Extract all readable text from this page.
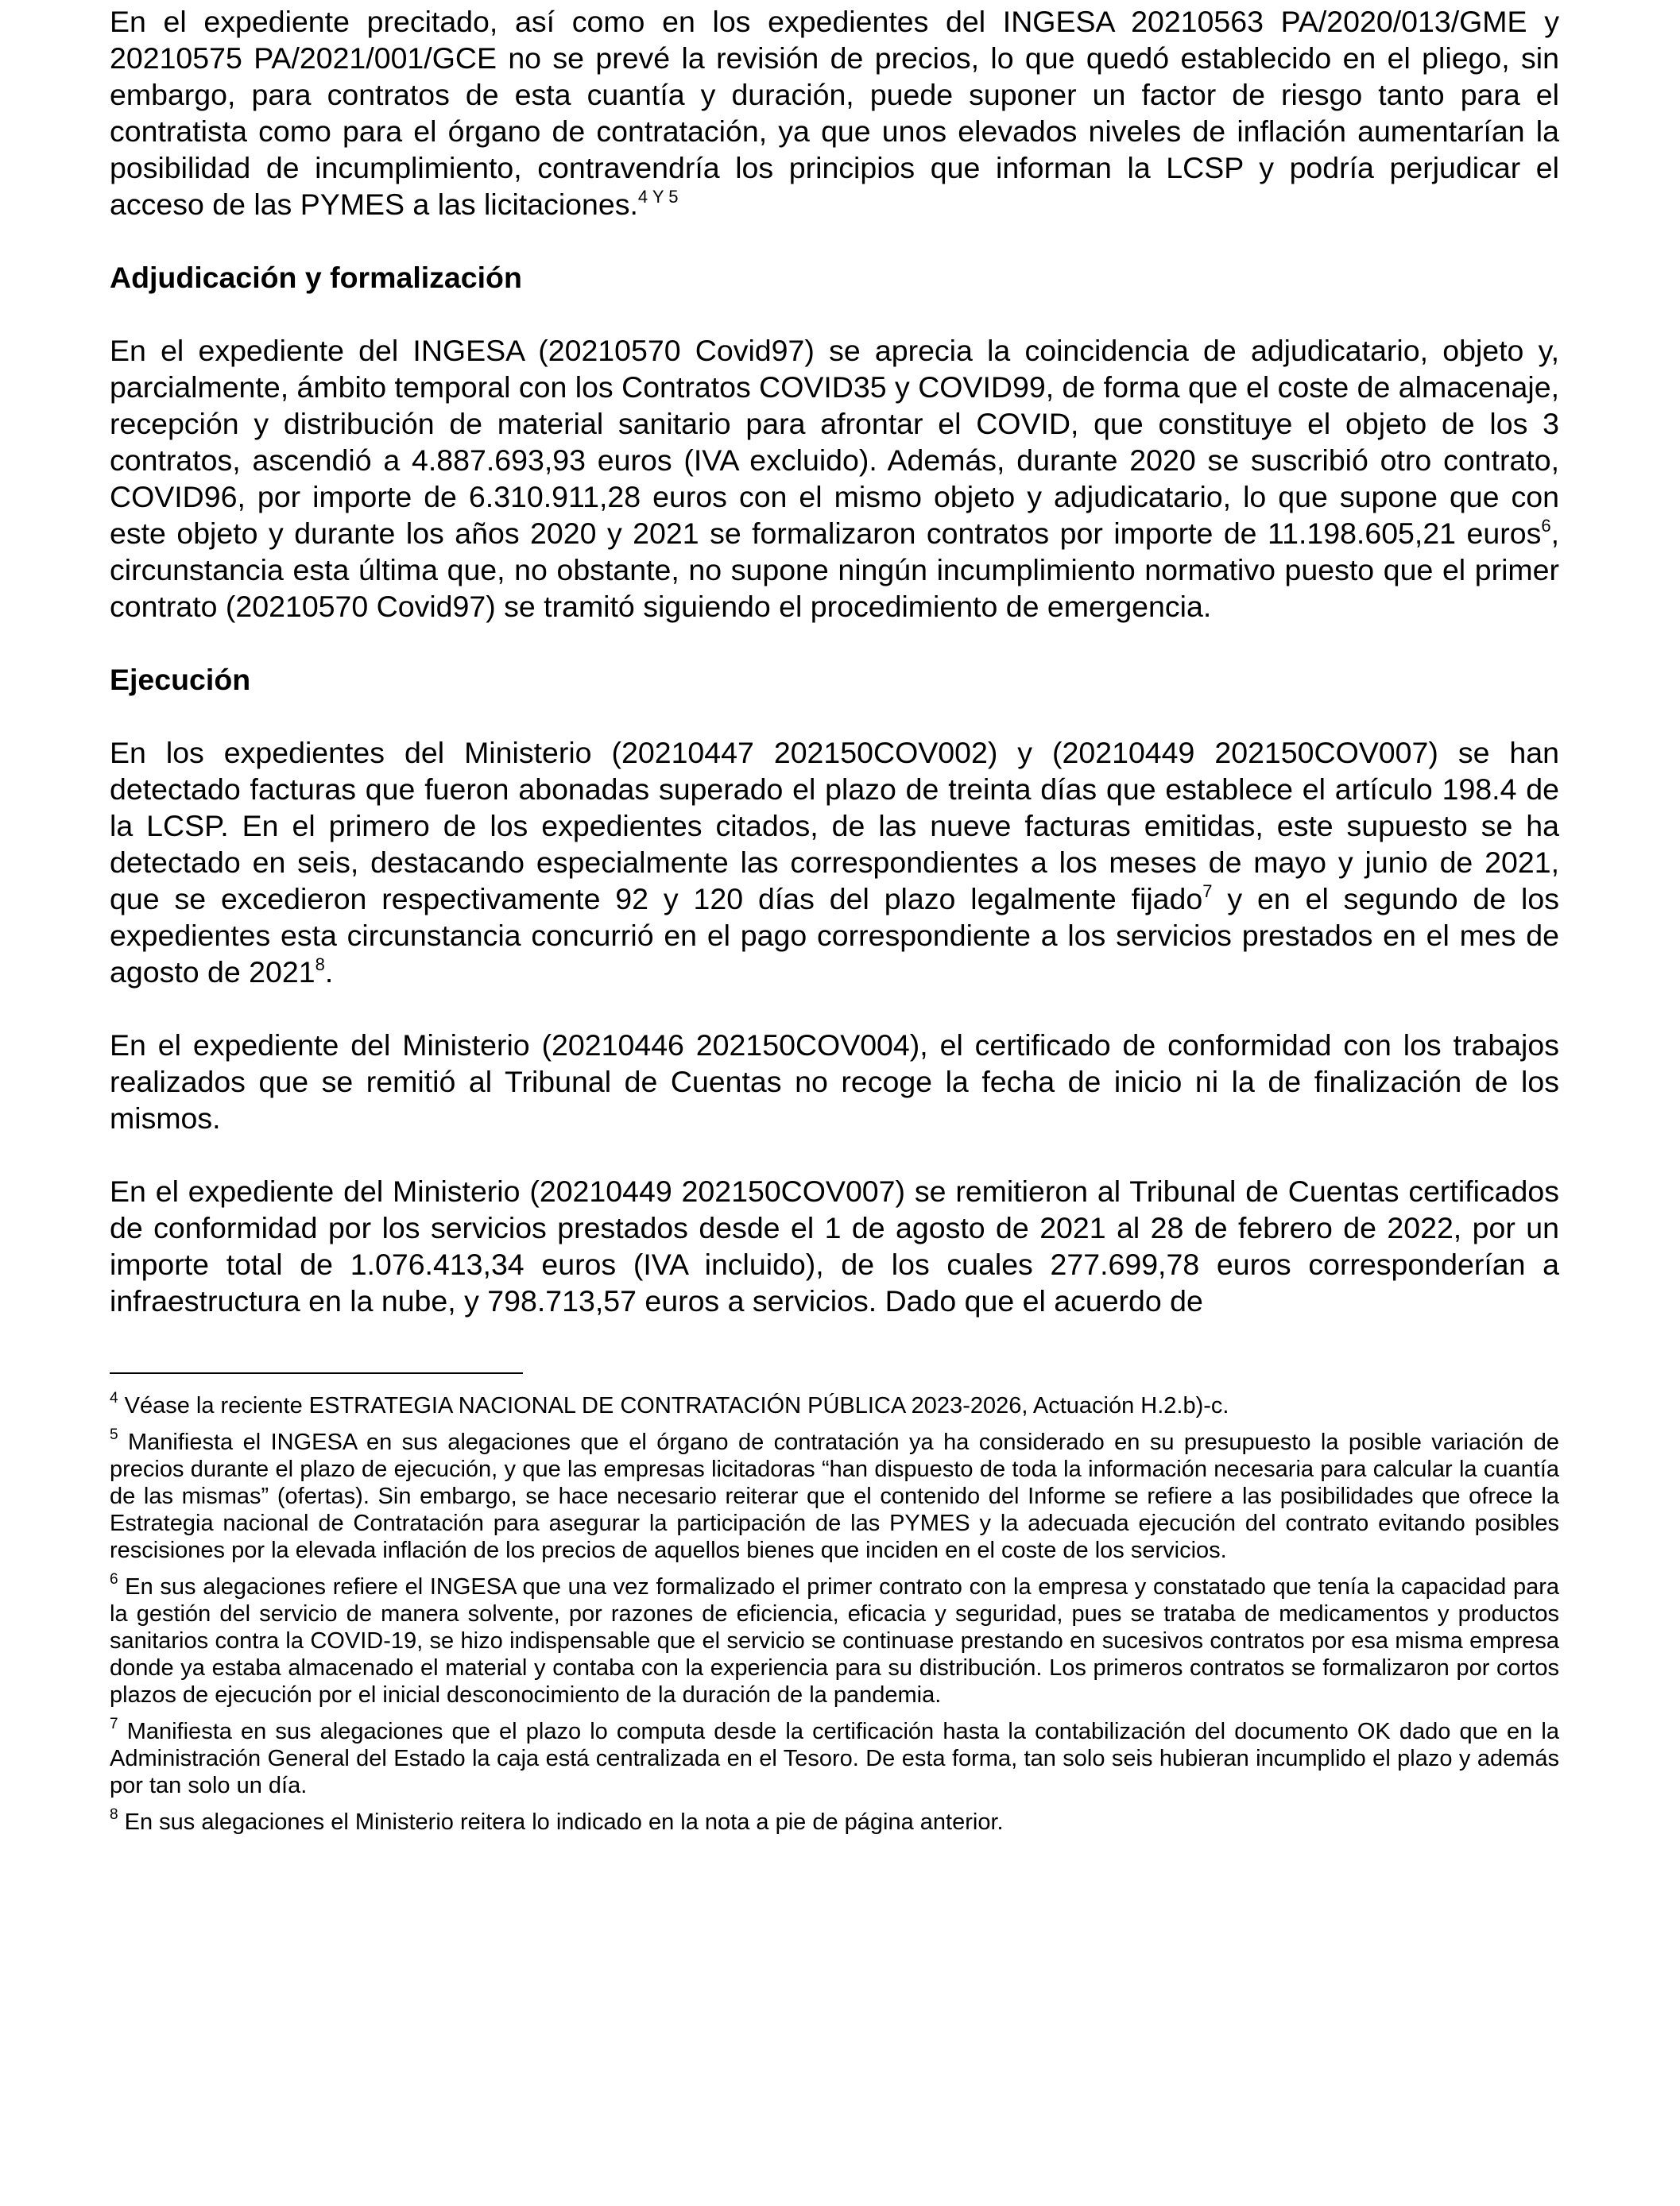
En el expediente precitado, así como en los expedientes del INGESA 20210563 PA/2020/013/GME y 20210575 PA/2021/001/GCE no se prevé la revisión de precios, lo que quedó establecido en el pliego, sin embargo, para contratos de esta cuantía y duración, puede suponer un factor de riesgo tanto para el contratista como para el órgano de contratación, ya que unos elevados niveles de inflación aumentarían la posibilidad de incumplimiento, contravendría los principios que informan la LCSP y podría perjudicar el acceso de las PYMES a las licitaciones.$^{4 Y 5}$

Adjudicación y formalización

En el expediente del INGESA (20210570 Covid97) se aprecia la coincidencia de adjudicatario, objeto y, parcialmente, ámbito temporal con los Contratos COVID35 y COVID99, de forma que el coste de almacenaje, recepción y distribución de material sanitario para afrontar el COVID, que constituye el objeto de los 3 contratos, ascendió a 4.887.693,93 euros (IVA excluido). Además, durante 2020 se suscribió otro contrato, COVID96, por importe de 6.310.911,28 euros con el mismo objeto y adjudicatario, lo que supone que con este objeto y durante los años 2020 y 2021 se formalizaron contratos por importe de 11.198.605,21 euros$^6$, circunstancia esta última que, no obstante, no supone ningún incumplimiento normativo puesto que el primer contrato (20210570 Covid97) se tramitó siguiendo el procedimiento de emergencia.

Ejecución

En los expedientes del Ministerio (20210447 202150COV002) y (20210449 202150COV007) se han detectado facturas que fueron abonadas superado el plazo de treinta días que establece el artículo 198.4 de la LCSP. En el primero de los expedientes citados, de las nueve facturas emitidas, este supuesto se ha detectado en seis, destacando especialmente las correspondientes a los meses de mayo y junio de 2021, que se excedieron respectivamente 92 y 120 días del plazo legalmente fijado$^7$ y en el segundo de los expedientes esta circunstancia concurrió en el pago correspondiente a los servicios prestados en el mes de agosto de 2021$^8$.

En el expediente del Ministerio (20210446 202150COV004), el certificado de conformidad con los trabajos realizados que se remitió al Tribunal de Cuentas no recoge la fecha de inicio ni la de finalización de los mismos.

En el expediente del Ministerio (20210449 202150COV007) se remitieron al Tribunal de Cuentas certificados de conformidad por los servicios prestados desde el 1 de agosto de 2021 al 28 de febrero de 2022, por un importe total de 1.076.413,34 euros (IVA incluido), de los cuales 277.699,78 euros corresponderían a infraestructura en la nube, y 798.713,57 euros a servicios. Dado que el acuerdo de

$^4$ Véase la reciente ESTRATEGIA NACIONAL DE CONTRATACIÓN PÚBLICA 2023-2026, Actuación H.2.b)-c.

$^5$ Manifiesta el INGESA en sus alegaciones que el órgano de contratación ya ha considerado en su presupuesto la posible variación de precios durante el plazo de ejecución, y que las empresas licitadoras “han dispuesto de toda la información necesaria para calcular la cuantía de las mismas” (ofertas). Sin embargo, se hace necesario reiterar que el contenido del Informe se refiere a las posibilidades que ofrece la Estrategia nacional de Contratación para asegurar la participación de las PYMES y la adecuada ejecución del contrato evitando posibles rescisiones por la elevada inflación de los precios de aquellos bienes que inciden en el coste de los servicios.

$^6$ En sus alegaciones refiere el INGESA que una vez formalizado el primer contrato con la empresa y constatado que tenía la capacidad para la gestión del servicio de manera solvente, por razones de eficiencia, eficacia y seguridad, pues se trataba de medicamentos y productos sanitarios contra la COVID-19, se hizo indispensable que el servicio se continuase prestando en sucesivos contratos por esa misma empresa donde ya estaba almacenado el material y contaba con la experiencia para su distribución. Los primeros contratos se formalizaron por cortos plazos de ejecución por el inicial desconocimiento de la duración de la pandemia.

$^7$ Manifiesta en sus alegaciones que el plazo lo computa desde la certificación hasta la contabilización del documento OK dado que en la Administración General del Estado la caja está centralizada en el Tesoro. De esta forma, tan solo seis hubieran incumplido el plazo y además por tan solo un día.

$^8$ En sus alegaciones el Ministerio reitera lo indicado en la nota a pie de página anterior.
